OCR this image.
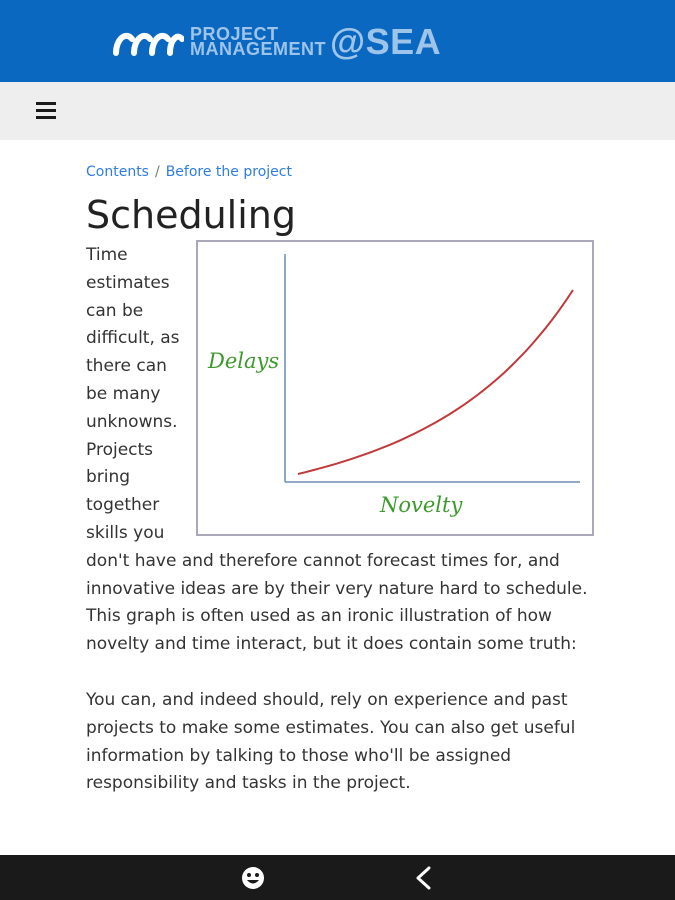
PROJECT
MANAGEMENT @SEA
Contents / Before the project
Scheduling
Delays
Novelty

Time estimates can be difficult, as there can be many unknowns. Projects bring together skills you don't have and therefore cannot forecast times for, and innovative ideas are by their very nature hard to schedule. This graph is often used as an ironic illustration of how novelty and time interact, but it does contain some truth:

You can, and indeed should, rely on experience and past projects to make some estimates. You can also get useful information by talking to those who'll be assigned responsibility and tasks in the project.
